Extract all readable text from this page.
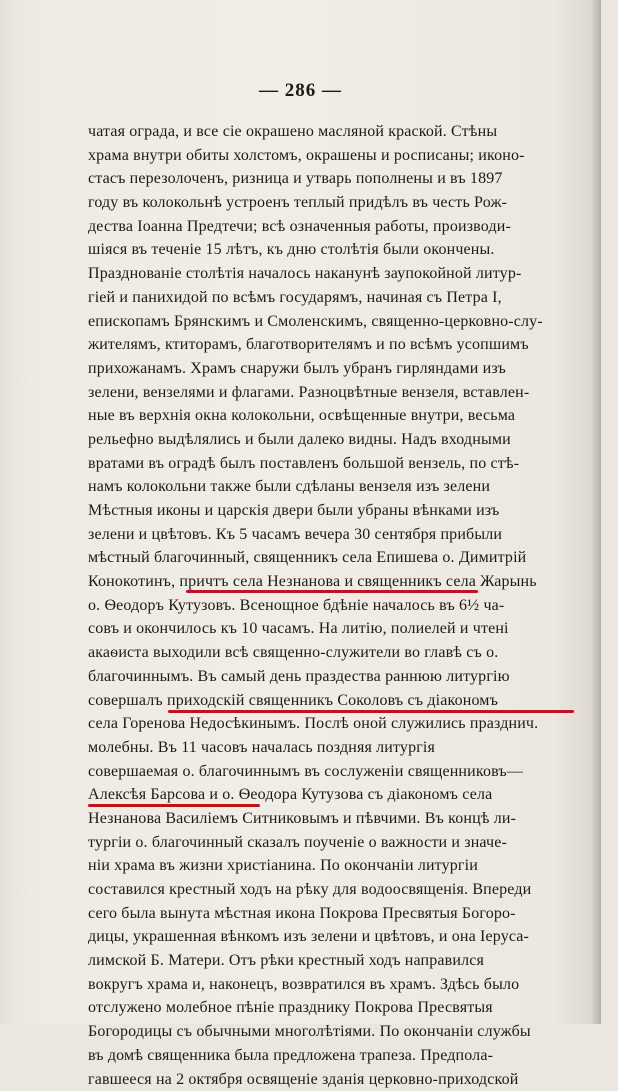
— 286 —
чатая ограда, и все сіе окрашено масляной краской. Стѣны
храма внутри обиты холстомъ, окрашены и росписаны; иконо-
стасъ перезолоченъ, ризница и утварь пополнены и въ 1897
году въ колокольнѣ устроенъ теплый придѣлъ въ честь Рож-
дества Іоанна Предтечи; всѣ означенныя работы, производи-
шіяся въ теченіе 15 лѣтъ, къ дню столѣтія были окончены.
Празднованіе столѣтія началось наканунѣ заупокойной литур-
гіей и панихидой по всѣмъ государямъ, начиная съ Петра I,
епископамъ Брянскимъ и Смоленскимъ, священно-церковно-слу-
жителямъ, ктиторамъ, благотворителямъ и по всѣмъ усопшимъ
прихожанамъ. Храмъ снаружи былъ убранъ гирляндами изъ
зелени, вензелями и флагами. Разноцвѣтные вензеля, вставлен-
ные въ верхнія окна колокольни, освѣщенные внутри, весьма
рельефно выдѣлялись и были далеко видны. Надъ входными
вратами въ оградѣ былъ поставленъ большой вензель, по стѣ-
намъ колокольни также были сдѣланы вензеля изъ зелени
Мѣстныя иконы и царскія двери были убраны вѣнками изъ
зелени и цвѣтовъ. Къ 5 часамъ вечера 30 сентября прибыли
мѣстный благочинный, священникъ села Епишева о. Димитрій
Конокотинъ, причтъ села Незнанова и священникъ села Жарынь
о. Ѳеодоръ Кутузовъ. Всенощное бдѣніе началось въ 6½ ча-
совъ и окончилось къ 10 часамъ. На литію, полиелей и чтені
акаѳиста выходили всѣ священно-служители во главѣ съ о.
благочиннымъ. Въ самый день праздества раннюю литургію
совершалъ приходскій священникъ Соколовъ съ діакономъ
села Горенова Недосѣкинымъ. Послѣ оной служились празднич.
молебны. Въ 11 часовъ началась поздняя литургія
совершаемая о. благочиннымъ въ сослуженіи священниковъ—
Алексѣя Барсова и о. Ѳеодора Кутузова съ діакономъ села
Незнанова Василіемъ Ситниковымъ и пѣвчими. Въ концѣ ли-
тургіи о. благочинный сказалъ поученіе о важности и значе-
ніи храма въ жизни христіанина. По окончаніи литургіи
составился крестный ходъ на рѣку для водоосвященія. Впереди
сего была вынута мѣстная икона Покрова Пресвятыя Богоро-
дицы, украшенная вѣнкомъ изъ зелени и цвѣтовъ, и она Іеруса-
лимской Б. Матери. Отъ рѣки крестный ходъ направился
вокругъ храма и, наконецъ, возвратился въ храмъ. Здѣсь было
отслужено молебное пѣніе празднику Покрова Пресвятыя
Богородицы съ обычными многолѣтіями. По окончаніи службы
въ домѣ священника была предложена трапеза. Предпола-
гавшееся на 2 октября освященіе зданія церковно-приходской
